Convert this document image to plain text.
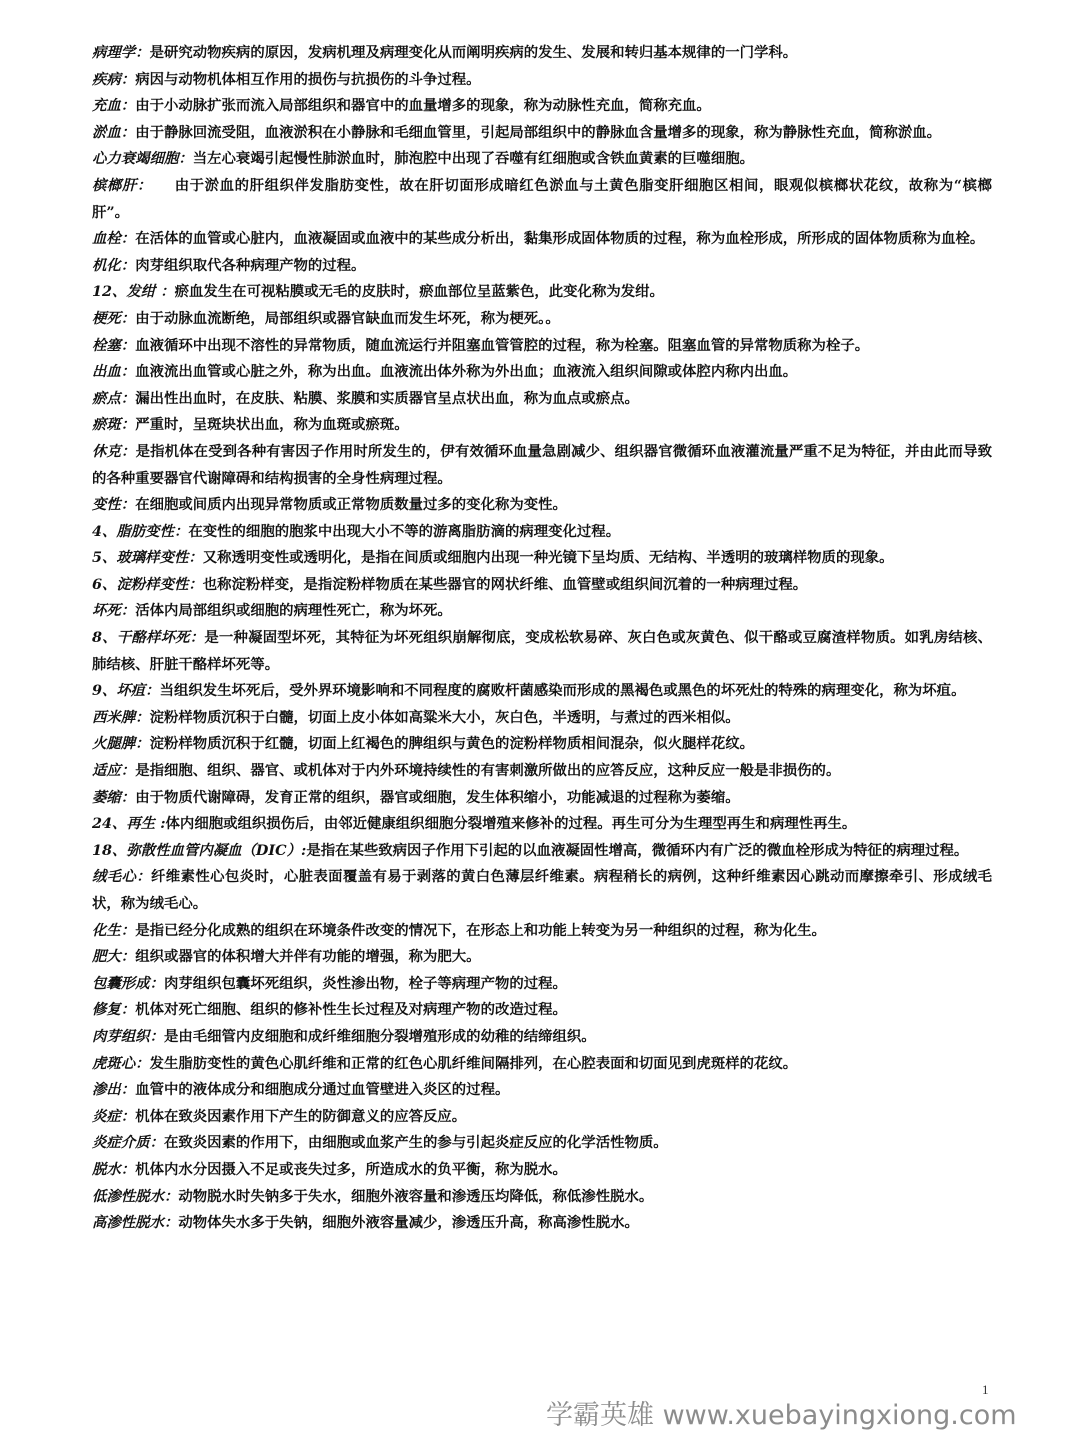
病理学：是研究动物疾病的原因，发病机理及病理变化从而阐明疾病的发生、发展和转归基本规律的一门学科。

疾病：病因与动物机体相互作用的损伤与抗损伤的斗争过程。

充血：由于小动脉扩张而流入局部组织和器官中的血量增多的现象，称为动脉性充血，简称充血。

淤血：由于静脉回流受阻，血液淤积在小静脉和毛细血管里，引起局部组织中的静脉血含量增多的现象，称为静脉性充血，简称淤血。

心力衰竭细胞：当左心衰竭引起慢性肺淤血时，肺泡腔中出现了吞噬有红细胞或含铁血黄素的巨噬细胞。

槟榔肝：　　由于淤血的肝组织伴发脂肪变性，故在肝切面形成暗红色淤血与土黄色脂变肝细胞区相间，眼观似槟榔状花纹，故称为“槟榔肝”。

血栓：在活体的血管或心脏内，血液凝固或血液中的某些成分析出，黏集形成固体物质的过程，称为血栓形成，所形成的固体物质称为血栓。

机化：肉芽组织取代各种病理产物的过程。

12、发绀 ：瘀血发生在可视粘膜或无毛的皮肤时，瘀血部位呈蓝紫色，此变化称为发绀。

梗死：由于动脉血流断绝，局部组织或器官缺血而发生坏死，称为梗死。。

栓塞：血液循环中出现不溶性的异常物质，随血流运行并阻塞血管管腔的过程，称为栓塞。阻塞血管的异常物质称为栓子。

出血：血液流出血管或心脏之外，称为出血。血液流出体外称为外出血；血液流入组织间隙或体腔内称内出血。

瘀点：漏出性出血时，在皮肤、粘膜、浆膜和实质器官呈点状出血，称为血点或瘀点。

瘀斑：严重时，呈斑块状出血，称为血斑或瘀斑。

休克：是指机体在受到各种有害因子作用时所发生的，伊有效循环血量急剧减少、组织器官微循环血液灌流量严重不足为特征，并由此而导致的各种重要器官代谢障碍和结构损害的全身性病理过程。

变性：在细胞或间质内出现异常物质或正常物质数量过多的变化称为变性。

4、脂肪变性：在变性的细胞的胞浆中出现大小不等的游离脂肪滴的病理变化过程。

5、玻璃样变性：又称透明变性或透明化，是指在间质或细胞内出现一种光镜下呈均质、无结构、半透明的玻璃样物质的现象。

6、淀粉样变性：也称淀粉样变，是指淀粉样物质在某些器官的网状纤维、血管壁或组织间沉着的一种病理过程。

坏死：活体内局部组织或细胞的病理性死亡，称为坏死。

8、干酪样坏死：是一种凝固型坏死，其特征为坏死组织崩解彻底，变成松软易碎、灰白色或灰黄色、似干酪或豆腐渣样物质。如乳房结核、肺结核、肝脏干酪样坏死等。

9、坏疽：当组织发生坏死后，受外界环境影响和不同程度的腐败杆菌感染而形成的黑褐色或黑色的坏死灶的特殊的病理变化，称为坏疽。

西米脾：淀粉样物质沉积于白髓，切面上皮小体如高粱米大小，灰白色，半透明，与煮过的西米相似。

火腿脾：淀粉样物质沉积于红髓，切面上红褐色的脾组织与黄色的淀粉样物质相间混杂，似火腿样花纹。

适应：是指细胞、组织、器官、或机体对于内外环境持续性的有害刺激所做出的应答反应，这种反应一般是非损伤的。

萎缩：由于物质代谢障碍，发育正常的组织，器官或细胞，发生体积缩小，功能减退的过程称为萎缩。

24、再生 :体内细胞或组织损伤后，由邻近健康组织细胞分裂增殖来修补的过程。再生可分为生理型再生和病理性再生。

18、弥散性血管内凝血（DIC）:是指在某些致病因子作用下引起的以血液凝固性增高，微循环内有广泛的微血栓形成为特征的病理过程。

绒毛心：纤维素性心包炎时，心脏表面覆盖有易于剥落的黄白色薄层纤维素。病程稍长的病例，这种纤维素因心跳动而摩擦牵引、形成绒毛状，称为绒毛心。

化生：是指已经分化成熟的组织在环境条件改变的情况下，在形态上和功能上转变为另一种组织的过程，称为化生。

肥大：组织或器官的体积增大并伴有功能的增强，称为肥大。

包囊形成：肉芽组织包囊坏死组织，炎性渗出物，栓子等病理产物的过程。

修复：机体对死亡细胞、组织的修补性生长过程及对病理产物的改造过程。

肉芽组织：是由毛细管内皮细胞和成纤维细胞分裂增殖形成的幼稚的结缔组织。

虎斑心：发生脂肪变性的黄色心肌纤维和正常的红色心肌纤维间隔排列，在心腔表面和切面见到虎斑样的花纹。

渗出：血管中的液体成分和细胞成分通过血管壁进入炎区的过程。

炎症：机体在致炎因素作用下产生的防御意义的应答反应。

炎症介质：在致炎因素的作用下，由细胞或血浆产生的参与引起炎症反应的化学活性物质。

脱水：机体内水分因摄入不足或丧失过多，所造成水的负平衡，称为脱水。

低渗性脱水：动物脱水时失钠多于失水，细胞外液容量和渗透压均降低，称低渗性脱水。

高渗性脱水：动物体失水多于失钠，细胞外液容量减少，渗透压升高，称高渗性脱水。

1
学霸英雄 www.xuebayingxiong.com
